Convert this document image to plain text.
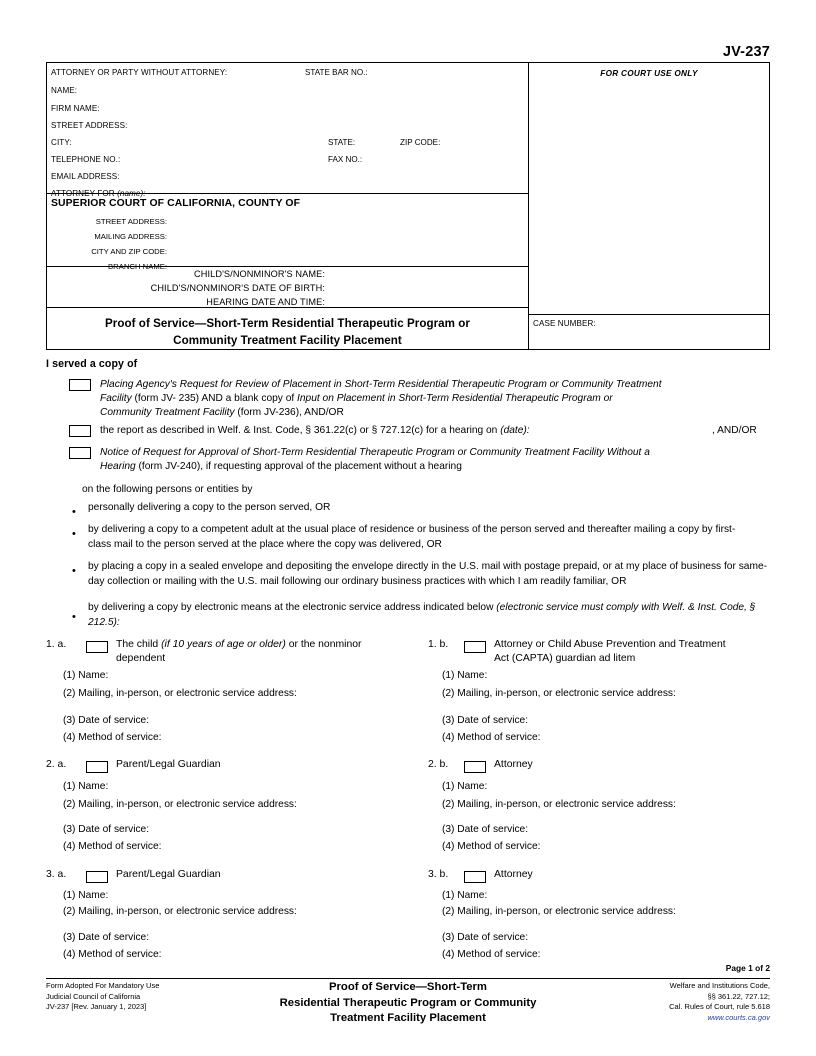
JV-237
ATTORNEY OR PARTY WITHOUT ATTORNEY:	STATE BAR NO.:
NAME:
FIRM NAME:
STREET ADDRESS:
CITY:	STATE:	ZIP CODE:
TELEPHONE NO.:	FAX NO.:
EMAIL ADDRESS:
ATTORNEY FOR (name):
SUPERIOR COURT OF CALIFORNIA, COUNTY OF
STREET ADDRESS:
MAILING ADDRESS:
CITY AND ZIP CODE:
BRANCH NAME:
CHILD'S/NONMINOR'S NAME:
CHILD'S/NONMINOR'S DATE OF BIRTH:
HEARING DATE AND TIME:
Proof of Service—Short-Term Residential Therapeutic Program or
Community Treatment Facility Placement
FOR COURT USE ONLY
CASE NUMBER:
I served a copy of
Placing Agency's Request for Review of Placement in Short-Term Residential Therapeutic Program or Community Treatment
Facility (form JV- 235) AND a blank copy of Input on Placement in Short-Term Residential Therapeutic Program or
Community Treatment Facility (form JV-236), AND/OR
the report as described in Welf. & Inst. Code, § 361.22(c) or § 727.12(c) for a hearing on (date):	, AND/OR
Notice of Request for Approval of Short-Term Residential Therapeutic Program or Community Treatment Facility Without a
Hearing (form JV-240), if requesting approval of the placement without a hearing
on the following persons or entities by
• personally delivering a copy to the person served, OR
• by delivering a copy to a competent adult at the usual place of residence or business of the person served and thereafter mailing a copy by first-class mail to the person served at the place where the copy was delivered, OR
• by placing a copy in a sealed envelope and depositing the envelope directly in the U.S. mail with postage prepaid, or at my place of business for same-day collection or mailing with the U.S. mail following our ordinary business practices with which I am readily familiar, OR
•
by delivering a copy by electronic means at the electronic service address indicated below (electronic service must comply with Welf. & Inst. Code, § 212.5):
1. a.	The child (if 10 years of age or older) or the nonminor
dependent
(1) Name:
(2) Mailing, in-person, or electronic service address:
(3) Date of service:
(4) Method of service:
1. b.	Attorney or Child Abuse Prevention and Treatment
Act (CAPTA) guardian ad litem
(1) Name:
(2) Mailing, in-person, or electronic service address:
(3) Date of service:
(4) Method of service:
2. a.	Parent/Legal Guardian
(1) Name:
(2) Mailing, in-person, or electronic service address:
(3) Date of service:
(4) Method of service:
2. b.	Attorney
(1) Name:
(2) Mailing, in-person, or electronic service address:
(3) Date of service:
(4) Method of service:
3. a.	Parent/Legal Guardian
(1) Name:
(2) Mailing, in-person, or electronic service address:
(3) Date of service:
(4) Method of service:
3. b.	Attorney
(1) Name:
(2) Mailing, in-person, or electronic service address:
(3) Date of service:
(4) Method of service:
Page 1 of 2
Form Adopted For Mandatory Use
Judicial Council of California
JV-237 [Rev. January 1, 2023]
Proof of Service—Short-Term
Residential Therapeutic Program or Community
Treatment Facility Placement
Welfare and Institutions Code,
§§ 361.22, 727.12;
Cal. Rules of Court, rule 5.618
www.courts.ca.gov
